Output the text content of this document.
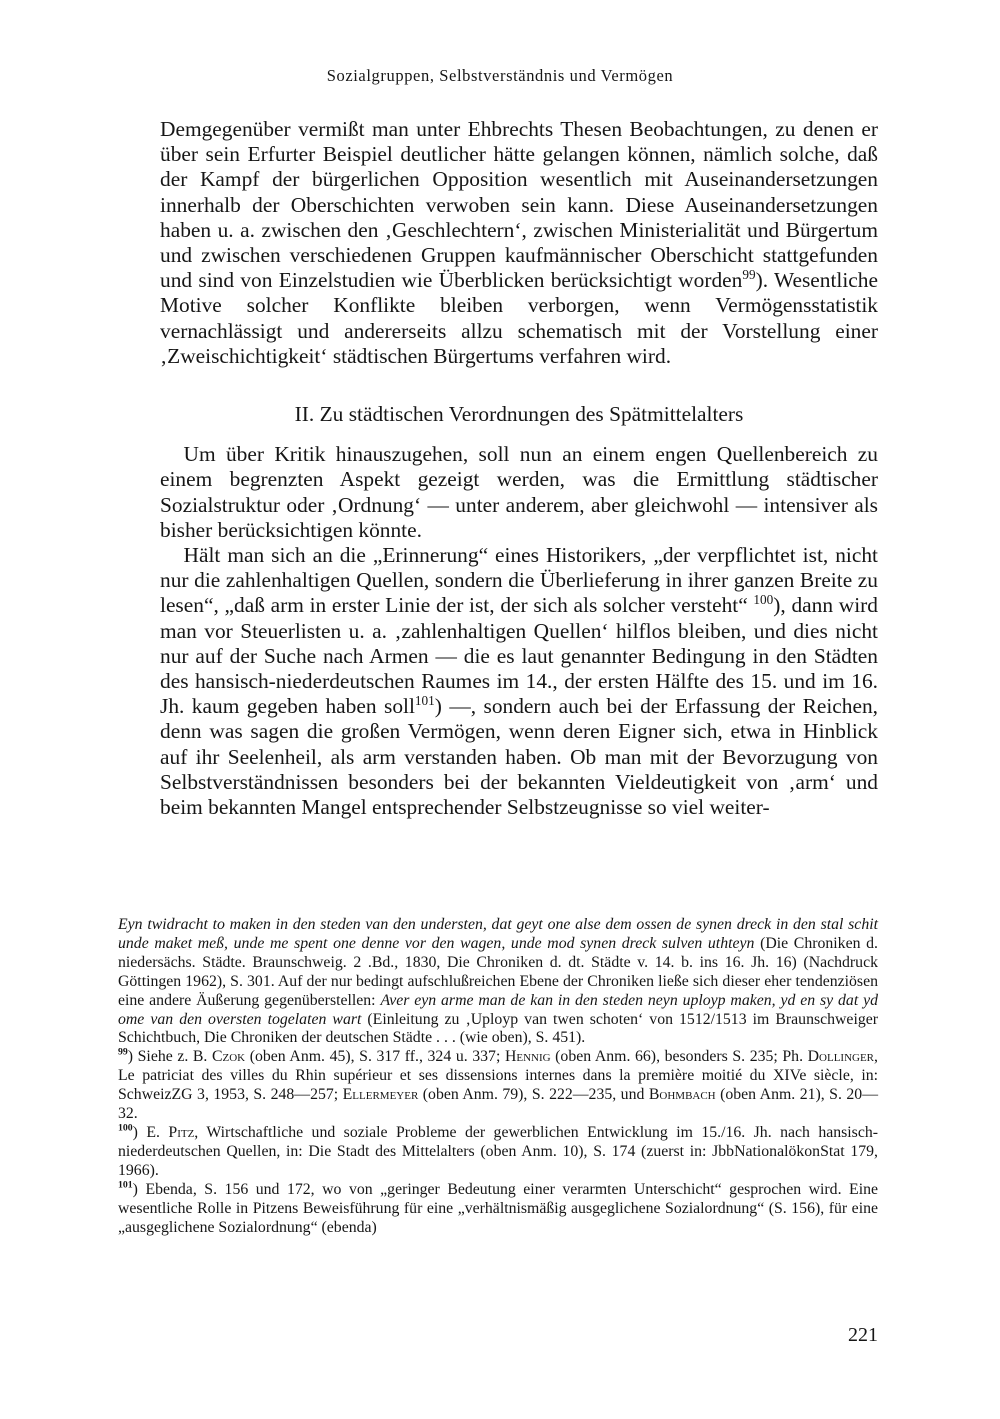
Sozialgruppen, Selbstverständnis und Vermögen

Demgegenüber vermißt man unter Ehbrechts Thesen Beobachtungen, zu denen er über sein Erfurter Beispiel deutlicher hätte gelangen können, nämlich solche, daß der Kampf der bürgerlichen Opposition wesentlich mit Auseinandersetzungen innerhalb der Oberschichten verwoben sein kann. Diese Auseinandersetzungen haben u. a. zwischen den ‚Geschlechtern‘, zwischen Ministerialität und Bürgertum und zwischen verschiedenen Gruppen kaufmännischer Oberschicht stattgefunden und sind von Einzelstudien wie Überblicken berücksichtigt worden$^{99}$). Wesentliche Motive solcher Konflikte bleiben verborgen, wenn Vermögensstatistik vernachlässigt und andererseits allzu schematisch mit der Vorstellung einer ‚Zweischichtigkeit‘ städtischen Bürgertums verfahren wird.

II. Zu städtischen Verordnungen des Spätmittelalters

Um über Kritik hinauszugehen, soll nun an einem engen Quellenbereich zu einem begrenzten Aspekt gezeigt werden, was die Ermittlung städtischer Sozialstruktur oder ‚Ordnung‘ — unter anderem, aber gleichwohl — intensiver als bisher berücksichtigen könnte.

Hält man sich an die „Erinnerung“ eines Historikers, „der verpflichtet ist, nicht nur die zahlenhaltigen Quellen, sondern die Überlieferung in ihrer ganzen Breite zu lesen“, „daß arm in erster Linie der ist, der sich als solcher versteht“ $^{100}$), dann wird man vor Steuerlisten u. a. ‚zahlenhaltigen Quellen‘ hilflos bleiben, und dies nicht nur auf der Suche nach Armen — die es laut genannter Bedingung in den Städten des hansisch-niederdeutschen Raumes im 14., der ersten Hälfte des 15. und im 16. Jh. kaum gegeben haben soll$^{101}$) —, sondern auch bei der Erfassung der Reichen, denn was sagen die großen Vermögen, wenn deren Eigner sich, etwa in Hinblick auf ihr Seelenheil, als arm verstanden haben. Ob man mit der Bevorzugung von Selbstverständnissen besonders bei der bekannten Vieldeutigkeit von ‚arm‘ und beim bekannten Mangel entsprechender Selbstzeugnisse so viel weiter-

Eyn twidracht to maken in den steden van den understen, dat geyt one alse dem ossen de synen dreck in den stal schit unde maket meß, unde me spent one denne vor den wagen, unde mod synen dreck sulven uthteyn (Die Chroniken d. niedersächs. Städte. Braunschweig. 2 .Bd., 1830, Die Chroniken d. dt. Städte v. 14. b. ins 16. Jh. 16) (Nachdruck Göttingen 1962), S. 301. Auf der nur bedingt aufschlußreichen Ebene der Chroniken ließe sich dieser eher tendenziösen eine andere Äußerung gegenüberstellen: Aver eyn arme man de kan in den steden neyn uployp maken, yd en sy dat yd ome van den oversten togelaten wart (Einleitung zu ‚Uployp van twen schoten‘ von 1512/1513 im Braunschweiger Schichtbuch, Die Chroniken der deutschen Städte . . . (wie oben), S. 451).

$^{99}$) Siehe z. B. Czok (oben Anm. 45), S. 317 ff., 324 u. 337; Hennig (oben Anm. 66), besonders S. 235; Ph. Dollinger, Le patriciat des villes du Rhin supérieur et ses dissensions internes dans la première moitié du XIVe siècle, in: SchweizZG 3, 1953, S. 248—257; Ellermeyer (oben Anm. 79), S. 222—235, und Bohmbach (oben Anm. 21), S. 20—32.

$^{100}$) E. Pitz, Wirtschaftliche und soziale Probleme der gewerblichen Entwicklung im 15./16. Jh. nach hansisch-niederdeutschen Quellen, in: Die Stadt des Mittelalters (oben Anm. 10), S. 174 (zuerst in: JbbNationalökonStat 179, 1966).

$^{101}$) Ebenda, S. 156 und 172, wo von „geringer Bedeutung einer verarmten Unterschicht“ gesprochen wird. Eine wesentliche Rolle in Pitzens Beweisführung für eine „verhältnismäßig ausgeglichene Sozialordnung“ (S. 156), für eine „ausgeglichene Sozialordnung“ (ebenda)

221
